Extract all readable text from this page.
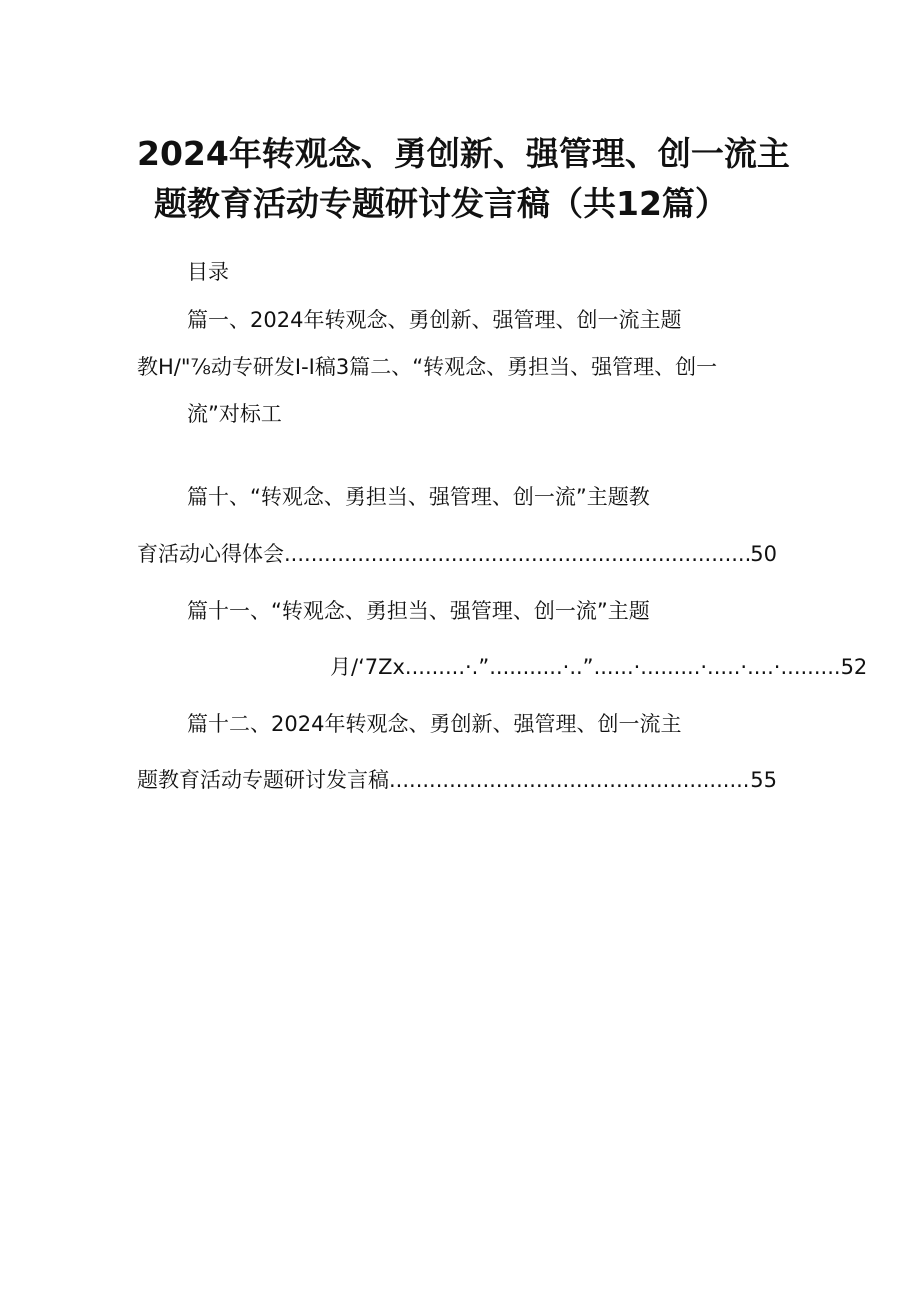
2024年转观念、勇创新、强管理、创一流主
题教育活动专题研讨发言稿（共12篇）
目录
篇一、2024年转观念、勇创新、强管理、创一流主题
教H/"⅞动专研发I-I稿3篇二、“转观念、勇担当、强管理、创一
流”对标工
篇十、“转观念、勇担当、强管理、创一流”主题教
育活动心得体会 .....	50
篇十一、“转观念、勇担当、强管理、创一流”主题
月/‘7Zx.........·.”...........·..”......·.........·.....·....·......... 52
篇十二、2024年转观念、勇创新、强管理、创一流主
题教育活动专题研讨发言稿 .....	55
